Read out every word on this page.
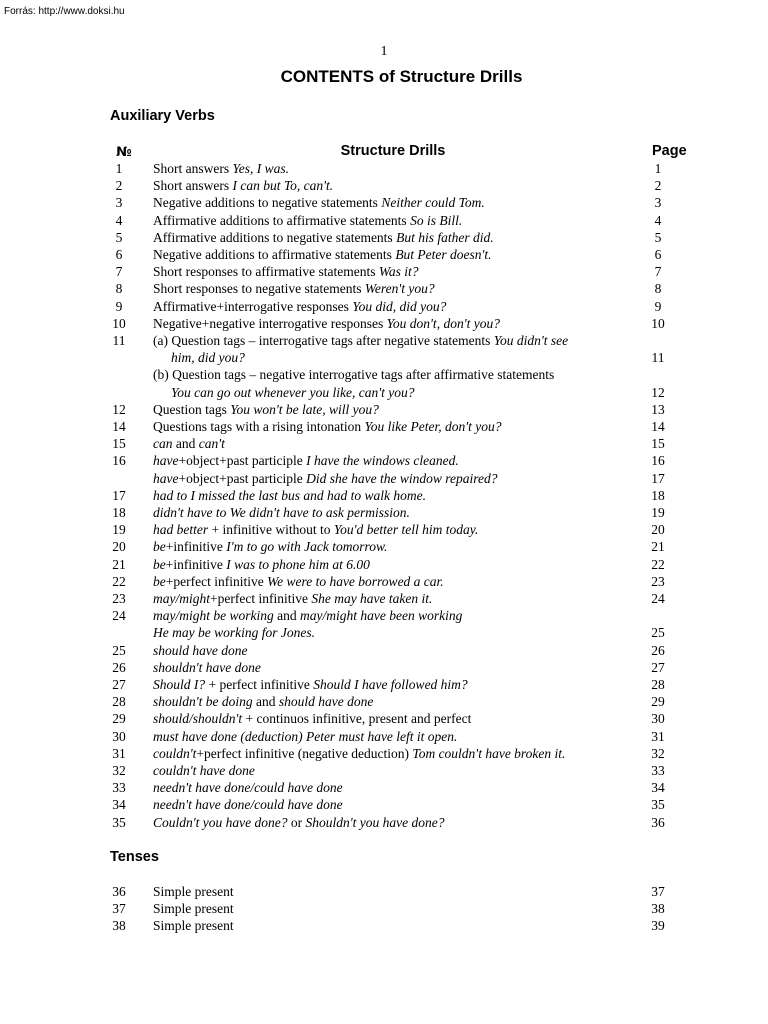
Forrás: http://www.doksi.hu
1
CONTENTS of Structure Drills
Auxiliary Verbs
№	Structure Drills	Page
1	Short answers Yes, I was.	1
2	Short answers I can but To, can't.	2
3	Negative additions to negative statements Neither could Tom.	3
4	Affirmative additions to affirmative statements So is Bill.	4
5	Affirmative additions to negative statements But his father did.	5
6	Negative additions to affirmative statements But Peter doesn't.	6
7	Short responses to affirmative statements Was it?	7
8	Short responses to negative statements Weren't you?	8
9	Affirmative+interrogative responses You did, did you?	9
10	Negative+negative interrogative responses You don't, don't you?	10
11	(a) Question tags – interrogative tags after negative statements You didn't see
him, did you?	11
(b) Question tags – negative interrogative tags after affirmative statements
You can go out whenever you like, can't you?	12
12	Question tags You won't be late, will you?	13
14	Questions tags with a rising intonation You like Peter, don't you?	14
15	can and can't	15
16	have+object+past participle I have the windows cleaned.	16
have+object+past participle Did she have the window repaired?	17
17	had to I missed the last bus and had to walk home.	18
18	didn't have to We didn't have to ask permission.	19
19	had better + infinitive without to You'd better tell him today.	20
20	be+infinitive I'm to go with Jack tomorrow.	21
21	be+infinitive I was to phone him at 6.00	22
22	be+perfect infinitive We were to have borrowed a car.	23
23	may/might+perfect infinitive She may have taken it.	24
24	may/might be working and may/might have been working
He may be working for Jones.	25
25	should have done	26
26	shouldn't have done	27
27	Should I? + perfect infinitive Should I have followed him?	28
28	shouldn't be doing and should have done	29
29	should/shouldn't + continuos infinitive, present and perfect	30
30	must have done (deduction) Peter must have left it open.	31
31	couldn't+perfect infinitive (negative deduction) Tom couldn't have broken it.	32
32	couldn't have done	33
33	needn't have done/could have done	34
34	needn't have done/could have done	35
35	Couldn't you have done? or Shouldn't you have done?	36
Tenses
36	Simple present	37
37	Simple present	38
38	Simple present	39
